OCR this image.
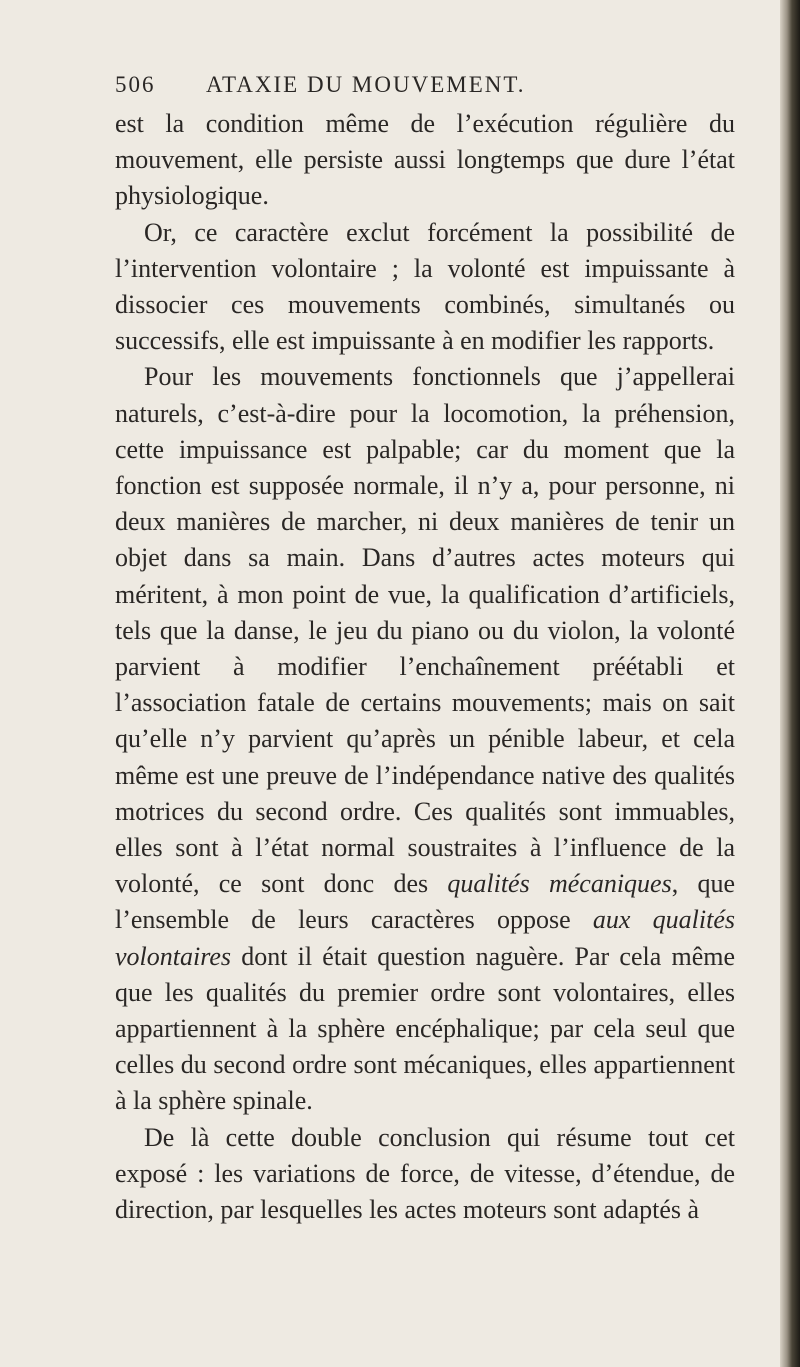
506 ATAXIE DU MOUVEMENT.

est la condition même de l’exécution régulière du mouvement, elle persiste aussi longtemps que dure l’état physiologique.

Or, ce caractère exclut forcément la possibilité de l’intervention volontaire ; la volonté est impuissante à dissocier ces mouvements combinés, simultanés ou successifs, elle est impuissante à en modifier les rapports.

Pour les mouvements fonctionnels que j’appellerai naturels, c’est-à-dire pour la locomotion, la préhension, cette impuissance est palpable; car du moment que la fonction est supposée normale, il n’y a, pour personne, ni deux manières de marcher, ni deux manières de tenir un objet dans sa main. Dans d’autres actes moteurs qui méritent, à mon point de vue, la qualification d’artificiels, tels que la danse, le jeu du piano ou du violon, la volonté parvient à modifier l’enchaînement préétabli et l’association fatale de certains mouvements; mais on sait qu’elle n’y parvient qu’après un pénible labeur, et cela même est une preuve de l’indépendance native des qualités motrices du second ordre. Ces qualités sont immuables, elles sont à l’état normal soustraites à l’influence de la volonté, ce sont donc des qualités mécaniques, que l’ensemble de leurs caractères oppose aux qualités volontaires dont il était question naguère. Par cela même que les qualités du premier ordre sont volontaires, elles appartiennent à la sphère encéphalique; par cela seul que celles du second ordre sont mécaniques, elles appartiennent à la sphère spinale.

De là cette double conclusion qui résume tout cet exposé : les variations de force, de vitesse, d’étendue, de direction, par lesquelles les actes moteurs sont adaptés à
